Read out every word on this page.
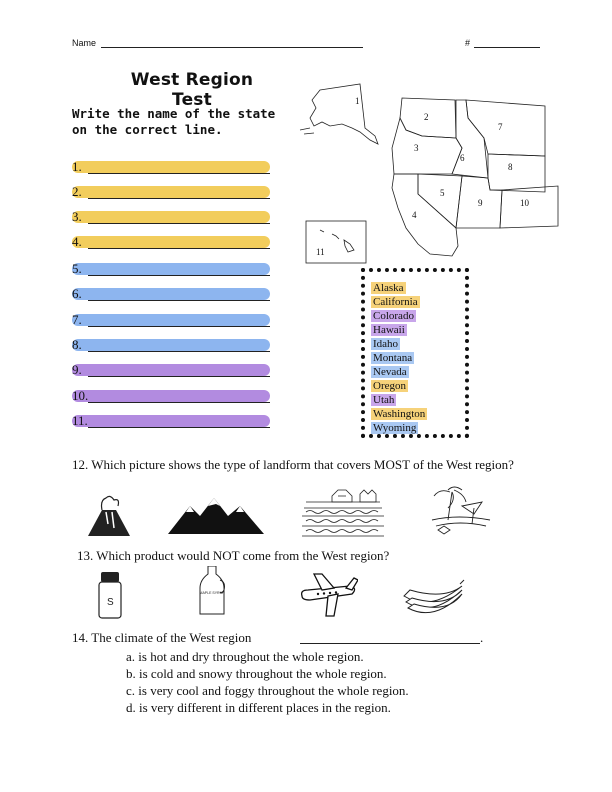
Name	#
West Region Test
Write the name of the state on the correct line.
1.
2.
3.
4.
5.
6.
7.
8.
9.
10.
11.
1
2
3
4
5
6
7
8
9	10
11
Alaska
California
Colorado
Hawaii
Idaho
Montana
Nevada
Oregon
Utah
Washington
Wyoming
12. Which picture shows the type of landform that covers MOST of the West region?
13. Which product would NOT come from the West region?
S
MAPLE SYRUP
14. The climate of the West region	.
a. is hot and dry throughout the whole region.
b. is cold and snowy throughout the whole region.
c. is very cool and foggy throughout the whole region.
d. is very different in different places in the region.
